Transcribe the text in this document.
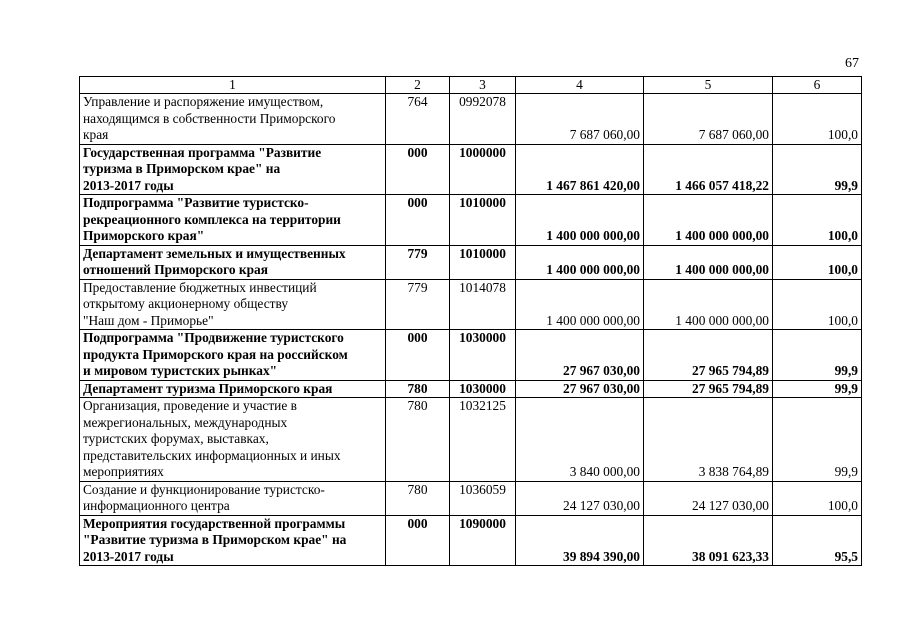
67
1	2	3	4	5	6

Управление и распоряжение имуществом,
находящимся в собственности Приморского
края	764	0992078	7 687 060,00	7 687 060,00	100,0

Государственная программа "Развитие
туризма в Приморском крае" на
2013-2017 годы	000	1000000	1 467 861 420,00	1 466 057 418,22	99,9

Подпрограмма "Развитие туристско-
рекреационного комплекса на территории
Приморского края"	000	1010000	1 400 000 000,00	1 400 000 000,00	100,0

Департамент земельных и имущественных
отношений Приморского края	779	1010000	1 400 000 000,00	1 400 000 000,00	100,0

Предоставление бюджетных инвестиций
открытому акционерному обществу
"Наш дом - Приморье"	779	1014078	1 400 000 000,00	1 400 000 000,00	100,0

Подпрограмма "Продвижение туристского
продукта Приморского края на российском
и мировом туристских рынках"	000	1030000	27 967 030,00	27 965 794,89	99,9

Департамент туризма Приморского края	780	1030000	27 967 030,00	27 965 794,89	99,9

Организация, проведение и участие в
межрегиональных, международных
туристских форумах, выставках,
представительских информационных и иных
мероприятиях	780	1032125	3 840 000,00	3 838 764,89	99,9

Создание и функционирование туристско-
информационного центра	780	1036059	24 127 030,00	24 127 030,00	100,0

Мероприятия государственной программы
"Развитие туризма в Приморском крае" на
2013-2017 годы	000	1090000	39 894 390,00	38 091 623,33	95,5
